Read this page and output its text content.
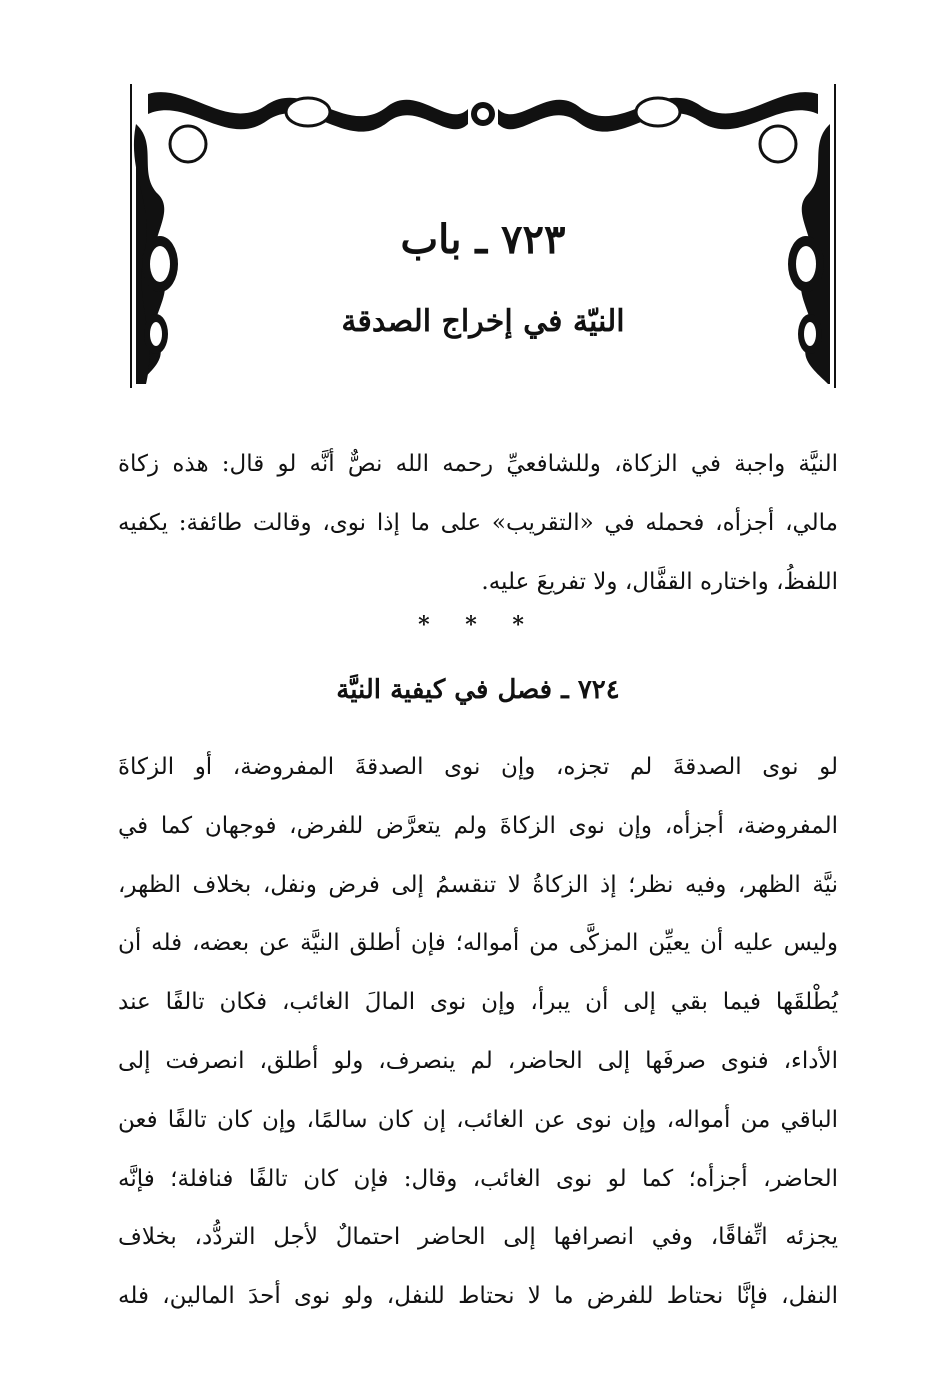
٧٢٣ ـ باب
النيّة في إخراج الصدقة
النيَّة واجبة في الزكاة، وللشافعيِّ رحمه الله نصٌّ أنَّه لو قال: هذه زكاة
مالي، أجزأه، فحمله في «التقريب» على ما إذا نوى، وقالت طائفة: يكفيه
اللفظُ، واختاره القفَّال، ولا تفريعَ عليه.
* * *
٧٢٤ ـ فصل في كيفية النيَّة
لو نوى الصدقةَ لم تجزه، وإن نوى الصدقةَ المفروضة، أو الزكاةَ
المفروضة، أجزأه، وإن نوى الزكاةَ ولم يتعرَّض للفرض، فوجهان كما في
نيَّة الظهر، وفيه نظر؛ إذ الزكاةُ لا تنقسمُ إلى فرض ونفل، بخلاف الظهر،
وليس عليه أن يعيِّن المزكَّى من أمواله؛ فإن أطلق النيَّة عن بعضه، فله أن
يُطْلقَها فيما بقي إلى أن يبرأ، وإن نوى المالَ الغائب، فكان تالفًا عند
الأداء، فنوى صرفَها إلى الحاضر، لم ينصرف، ولو أطلق، انصرفت إلى
الباقي من أمواله، وإن نوى عن الغائب، إن كان سالمًا، وإن كان تالفًا فعن
الحاضر، أجزأه؛ كما لو نوى الغائب، وقال: فإن كان تالفًا فنافلة؛ فإنَّه
يجزئه اتِّفاقًا، وفي انصرافها إلى الحاضر احتمالٌ لأجل التردُّد، بخلاف
النفل، فإنَّا نحتاط للفرض ما لا نحتاط للنفل، ولو نوى أحدَ المالين، فله
